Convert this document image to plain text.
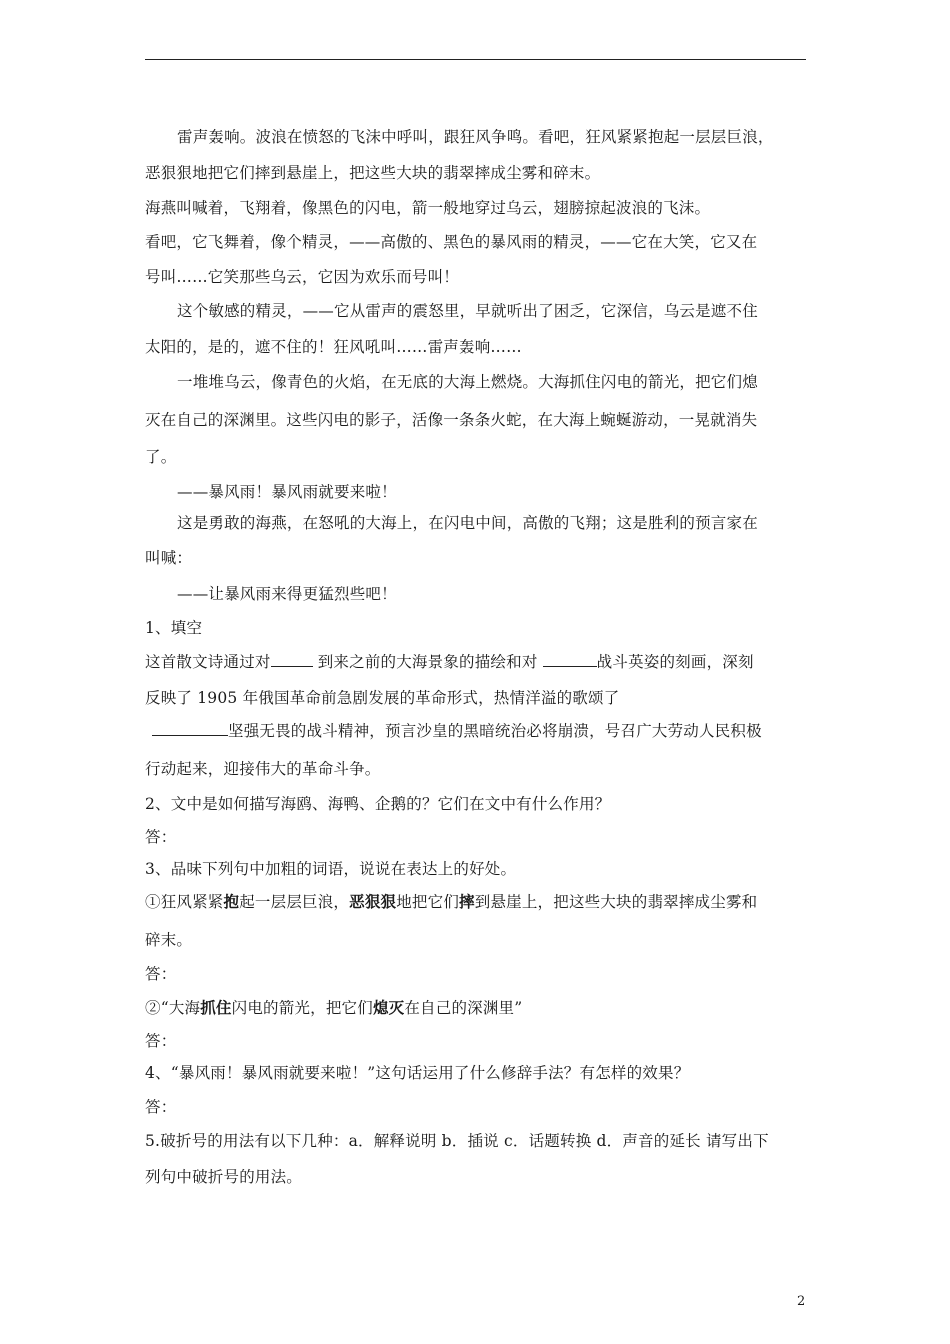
雷声轰响。波浪在愤怒的飞沫中呼叫，跟狂风争鸣。看吧，狂风紧紧抱起一层层巨浪，
恶狠狠地把它们摔到悬崖上，把这些大块的翡翠摔成尘雾和碎末。
海燕叫喊着，飞翔着，像黑色的闪电，箭一般地穿过乌云，翅膀掠起波浪的飞沫。
看吧，它飞舞着，像个精灵，——高傲的、黑色的暴风雨的精灵，——它在大笑，它又在
号叫……它笑那些乌云，它因为欢乐而号叫！
这个敏感的精灵，——它从雷声的震怒里，早就听出了困乏，它深信，乌云是遮不住
太阳的，是的，遮不住的！狂风吼叫……雷声轰响……
一堆堆乌云，像青色的火焰，在无底的大海上燃烧。大海抓住闪电的箭光，把它们熄
灭在自己的深渊里。这些闪电的影子，活像一条条火蛇，在大海上蜿蜒游动，一晃就消失
了。
——暴风雨！暴风雨就要来啦！
这是勇敢的海燕，在怒吼的大海上，在闪电中间，高傲的飞翔；这是胜利的预言家在
叫喊：
——让暴风雨来得更猛烈些吧！
1、填空
这首散文诗通过对	到来之前的大海景象的描绘和对	战斗英姿的刻画，深刻
反映了 1905 年俄国革命前急剧发展的革命形式，热情洋溢的歌颂了
坚强无畏的战斗精神，预言沙皇的黑暗统治必将崩溃，号召广大劳动人民积极
行动起来，迎接伟大的革命斗争。
2、文中是如何描写海鸥、海鸭、企鹅的？它们在文中有什么作用？
答：
3、品味下列句中加粗的词语，说说在表达上的好处。
①狂风紧紧抱起一层层巨浪，恶狠狠地把它们摔到悬崖上，把这些大块的翡翠摔成尘雾和
碎末。
答：
②“大海抓住闪电的箭光，把它们熄灭在自己的深渊里”
答：
4、“暴风雨！暴风雨就要来啦！”这句话运用了什么修辞手法？有怎样的效果？
答：
5.破折号的用法有以下几种：a．解释说明 b．插说 c．话题转换 d．声音的延长 请写出下
列句中破折号的用法。
2
